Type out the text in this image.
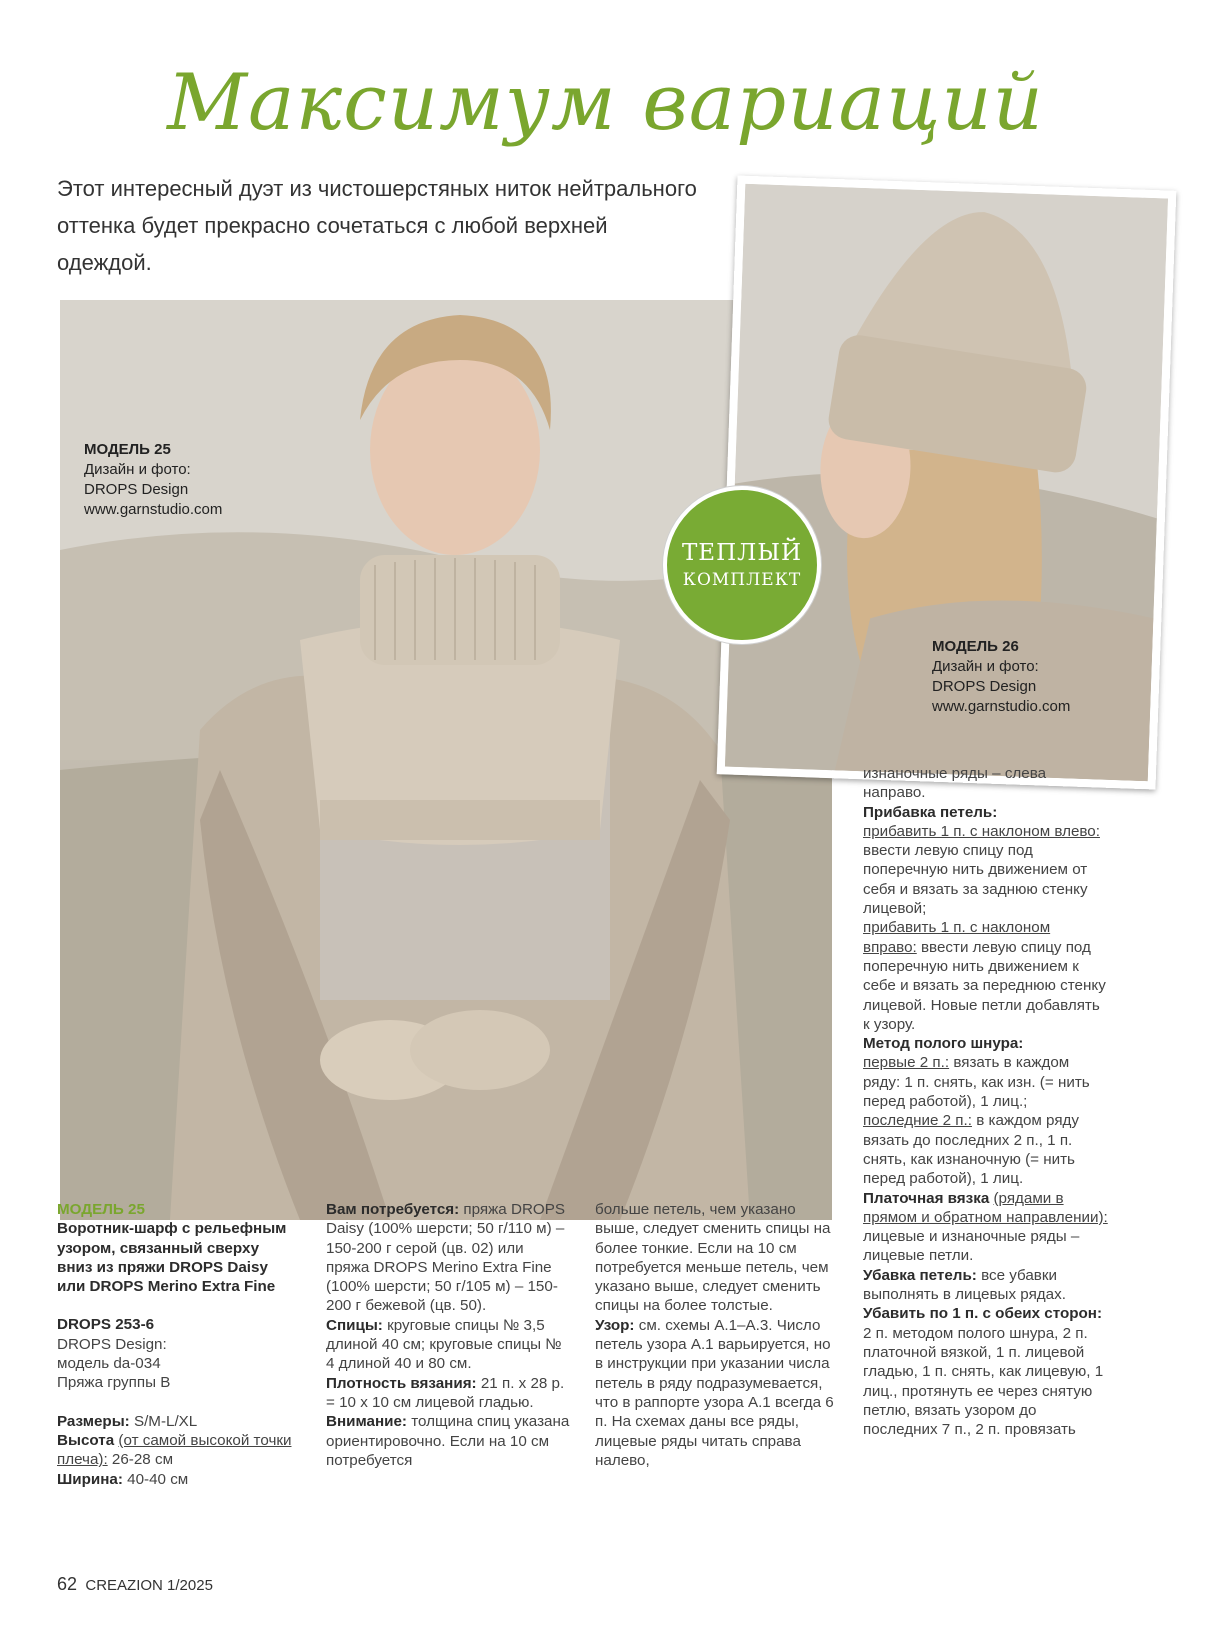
Максимум вариаций
Этот интересный дуэт из чистошерстяных ниток нейтрального оттенка будет прекрасно сочетаться с любой верхней одеждой.
МОДЕЛЬ 25
Дизайн и фото:
DROPS Design
www.garnstudio.com
МОДЕЛЬ 26
Дизайн и фото:
DROPS Design
www.garnstudio.com
ТЕПЛЫЙ
КОМПЛЕКТ

МОДЕЛЬ 25

Воротник-шарф с рельефным узором, связанный сверху вниз из пряжи DROPS Daisy или DROPS Merino Extra Fine

DROPS 253-6

DROPS Design:

модель da-034

Пряжа группы В

Размеры: S/M-L/XL

Высота (от самой высокой точки плеча): 26-28 см

Ширина: 40-40 см

Вам потребуется: пряжа DROPS Daisy (100% шерсти; 50 г/110 м) – 150-200 г серой (цв. 02) или пряжа DROPS Merino Extra Fine (100% шерсти; 50 г/105 м) – 150-200 г бежевой (цв. 50).

Спицы: круговые спицы № 3,5 длиной 40 см; круговые спицы № 4 длиной 40 и 80 см.

Плотность вязания: 21 п. х 28 р. = 10 х 10 см лицевой гладью.

Внимание: толщина спиц указана ориентировочно. Если на 10 см потребуется

больше петель, чем указано выше, следует сменить спицы на более тонкие. Если на 10 см потребуется меньше петель, чем указано выше, следует сменить спицы на более толстые.

Узор: см. схемы А.1–А.3. Число петель узора А.1 варьируется, но в инструкции при указании числа петель в ряду подразумевается, что в раппорте узора А.1 всегда 6 п. На схемах даны все ряды, лицевые ряды читать справа налево,

изнаночные ряды – слева направо.

Прибавка петель:

прибавить 1 п. с наклоном влево: ввести левую спицу под поперечную нить движением от себя и вязать за заднюю стенку лицевой;

прибавить 1 п. с наклоном вправо: ввести левую спицу под поперечную нить движением к себе и вязать за переднюю стенку лицевой. Новые петли добавлять к узору.

Метод полого шнура:

первые 2 п.: вязать в каждом ряду: 1 п. снять, как изн. (= нить перед работой), 1 лиц.;

последние 2 п.: в каждом ряду вязать до последних 2 п., 1 п. снять, как изнаночную (= нить перед работой), 1 лиц.

Платочная вязка (рядами в прямом и обратном направлении): лицевые и изнаночные ряды – лицевые петли.

Убавка петель: все убавки выполнять в лицевых рядах.

Убавить по 1 п. с обеих сторон: 2 п. методом полого шнура, 2 п. платочной вязкой, 1 п. лицевой гладью, 1 п. снять, как лицевую, 1 лиц., протянуть ее через снятую петлю, вязать узором до последних 7 п., 2 п. провязать

62 CREAZION 1/2025
